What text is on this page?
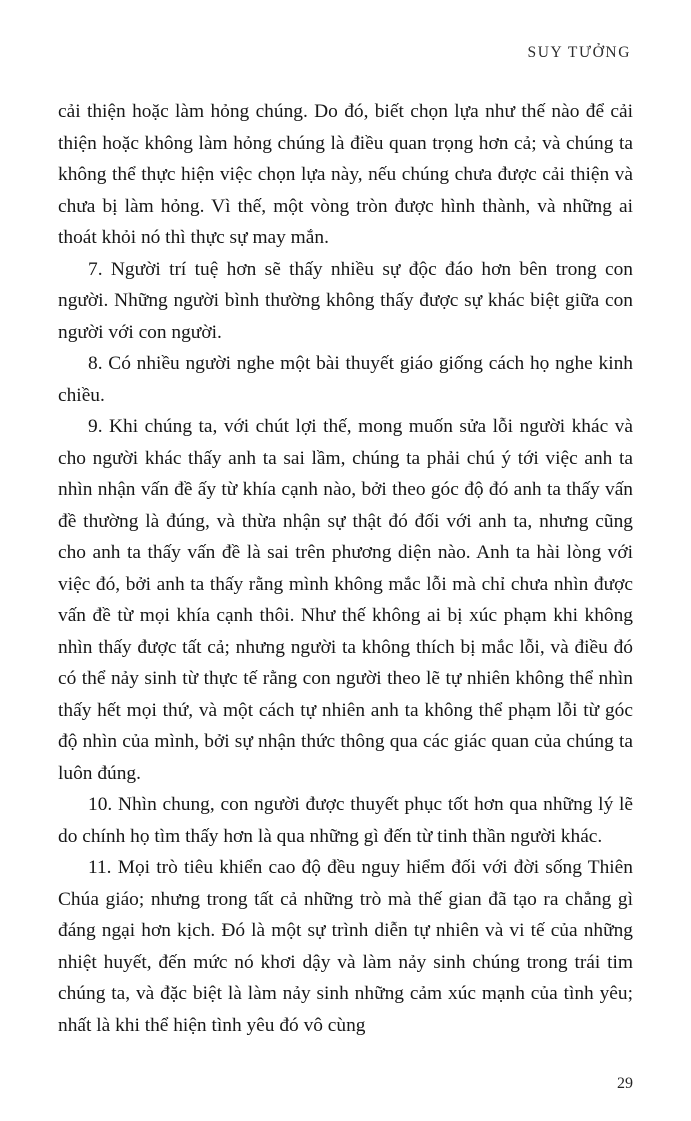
SUY TƯỞNG

cải thiện hoặc làm hỏng chúng. Do đó, biết chọn lựa như thế nào để cải thiện hoặc không làm hỏng chúng là điều quan trọng hơn cả; và chúng ta không thể thực hiện việc chọn lựa này, nếu chúng chưa được cải thiện và chưa bị làm hỏng. Vì thế, một vòng tròn được hình thành, và những ai thoát khỏi nó thì thực sự may mắn.

7. Người trí tuệ hơn sẽ thấy nhiều sự độc đáo hơn bên trong con người. Những người bình thường không thấy được sự khác biệt giữa con người với con người.

8. Có nhiều người nghe một bài thuyết giáo giống cách họ nghe kinh chiều.

9. Khi chúng ta, với chút lợi thế, mong muốn sửa lỗi người khác và cho người khác thấy anh ta sai lầm, chúng ta phải chú ý tới việc anh ta nhìn nhận vấn đề ấy từ khía cạnh nào, bởi theo góc độ đó anh ta thấy vấn đề thường là đúng, và thừa nhận sự thật đó đối với anh ta, nhưng cũng cho anh ta thấy vấn đề là sai trên phương diện nào. Anh ta hài lòng với việc đó, bởi anh ta thấy rằng mình không mắc lỗi mà chỉ chưa nhìn được vấn đề từ mọi khía cạnh thôi. Như thế không ai bị xúc phạm khi không nhìn thấy được tất cả; nhưng người ta không thích bị mắc lỗi, và điều đó có thể nảy sinh từ thực tế rằng con người theo lẽ tự nhiên không thể nhìn thấy hết mọi thứ, và một cách tự nhiên anh ta không thể phạm lỗi từ góc độ nhìn của mình, bởi sự nhận thức thông qua các giác quan của chúng ta luôn đúng.

10. Nhìn chung, con người được thuyết phục tốt hơn qua những lý lẽ do chính họ tìm thấy hơn là qua những gì đến từ tinh thần người khác.

11. Mọi trò tiêu khiển cao độ đều nguy hiểm đối với đời sống Thiên Chúa giáo; nhưng trong tất cả những trò mà thế gian đã tạo ra chẳng gì đáng ngại hơn kịch. Đó là một sự trình diễn tự nhiên và vi tế của những nhiệt huyết, đến mức nó khơi dậy và làm nảy sinh chúng trong trái tim chúng ta, và đặc biệt là làm nảy sinh những cảm xúc mạnh của tình yêu; nhất là khi thể hiện tình yêu đó vô cùng

29
